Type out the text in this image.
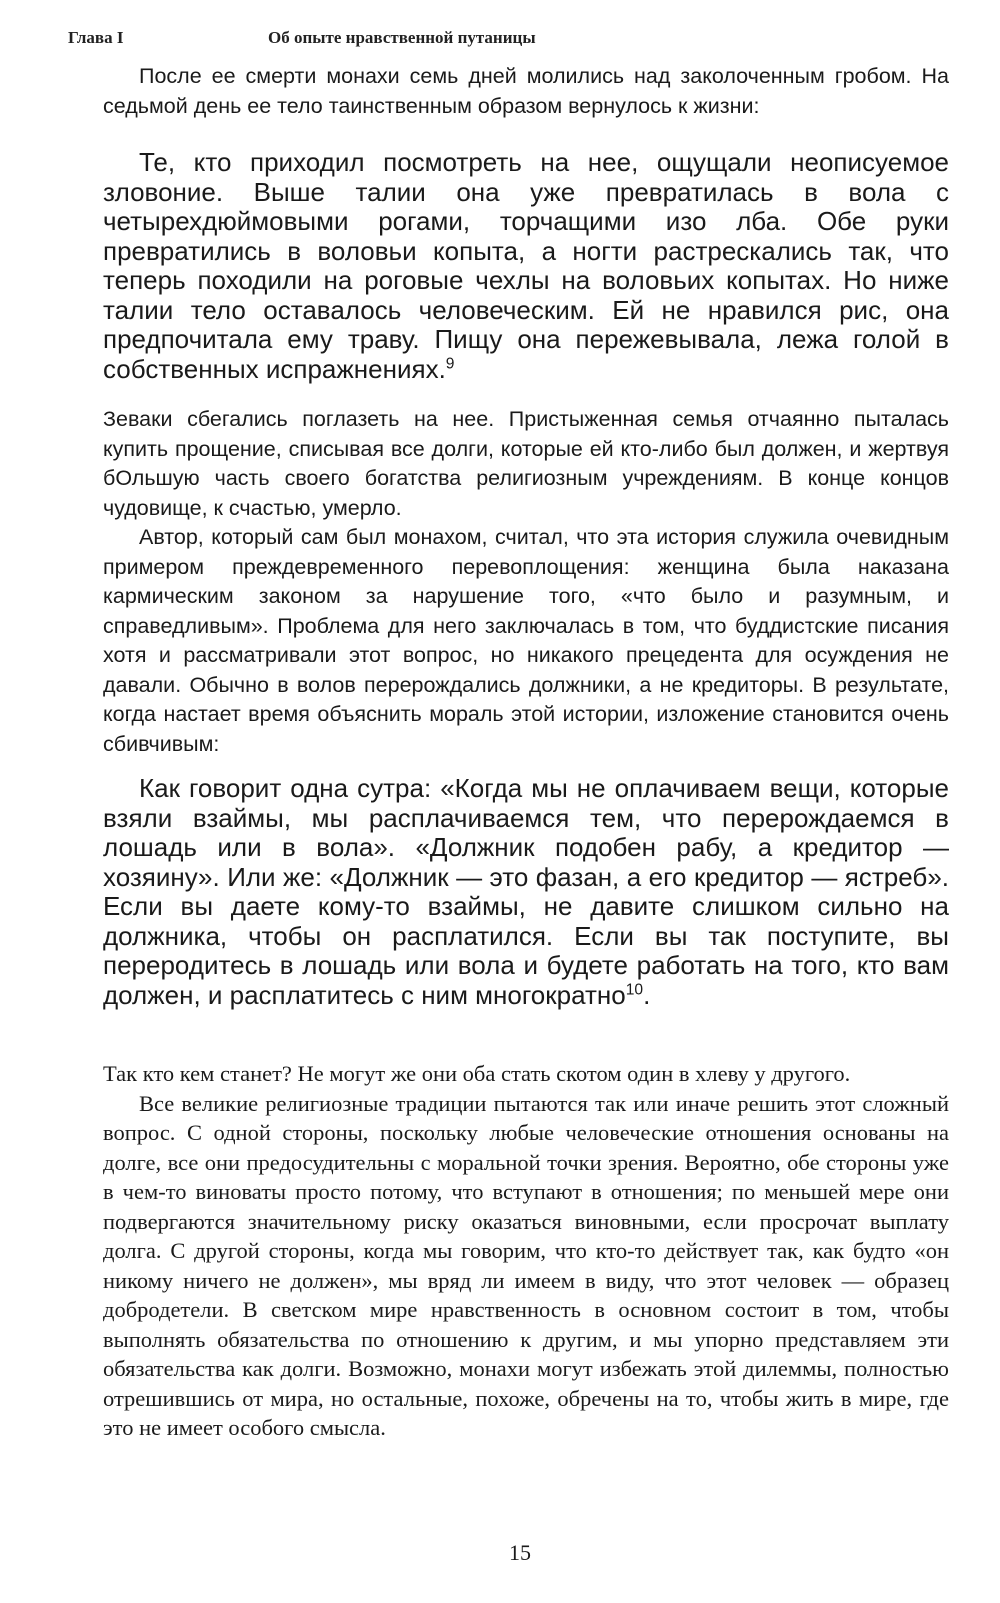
Глава I	Об опыте нравственной путаницы

После ее смерти монахи семь дней молились над заколоченным гробом. На седьмой день ее тело таинственным образом вернулось к жизни:

Те, кто приходил посмотреть на нее, ощущали неописуемое зловоние. Выше талии она уже превратилась в вола с четырехдюймовыми рогами, торчащими изо лба. Обе руки превратились в воловьи копыта, а ногти растрескались так, что теперь походили на роговые чехлы на воловьих копытах. Но ниже талии тело оставалось человеческим. Ей не нравился рис, она предпочитала ему траву. Пищу она пережевывала, лежа голой в собственных испражнениях.$^9$

Зеваки сбегались поглазеть на нее. Пристыженная семья отчаянно пыталась купить прощение, списывая все долги, которые ей кто-либо был должен, и жертвуя бОльшую часть своего богатства религиозным учреждениям. В конце концов чудовище, к счастью, умерло.

Автор, который сам был монахом, считал, что эта история служила очевидным примером преждевременного перевоплощения: женщина была наказана кармическим законом за нарушение того, «что было и разумным, и справедливым». Проблема для него заключалась в том, что буддистские писания хотя и рассматривали этот вопрос, но никакого прецедента для осуждения не давали. Обычно в волов перерождались должники, а не кредиторы. В результате, когда настает время объяснить мораль этой истории, изложение становится очень сбивчивым:

Как говорит одна сутра: «Когда мы не оплачиваем вещи, которые взяли взаймы, мы расплачиваемся тем, что перерождаемся в лошадь или в вола». «Должник подобен рабу, а кредитор — хозяину». Или же: «Должник — это фазан, а его кредитор — ястреб». Если вы даете кому-то взаймы, не давите слишком сильно на должника, чтобы он расплатился. Если вы так поступите, вы переродитесь в лошадь или вола и будете работать на того, кто вам должен, и расплатитесь с ним многократно$^{10}$.

Так кто кем станет? Не могут же они оба стать скотом один в хлеву у другого.

Все великие религиозные традиции пытаются так или иначе решить этот сложный вопрос. С одной стороны, поскольку любые человеческие отношения основаны на долге, все они предосудительны с моральной точки зрения. Вероятно, обе стороны уже в чем-то виноваты просто потому, что вступают в отношения; по меньшей мере они подвергаются значительному риску оказаться виновными, если просрочат выплату долга. С другой стороны, когда мы говорим, что кто-то действует так, как будто «он никому ничего не должен», мы вряд ли имеем в виду, что этот человек — образец добродетели. В светском мире нравственность в основном состоит в том, чтобы выполнять обязательства по отношению к другим, и мы упорно представляем эти обязательства как долги. Возможно, монахи могут избежать этой дилеммы, полностью отрешившись от мира, но остальные, похоже, обречены на то, чтобы жить в мире, где это не имеет особого смысла.

15
